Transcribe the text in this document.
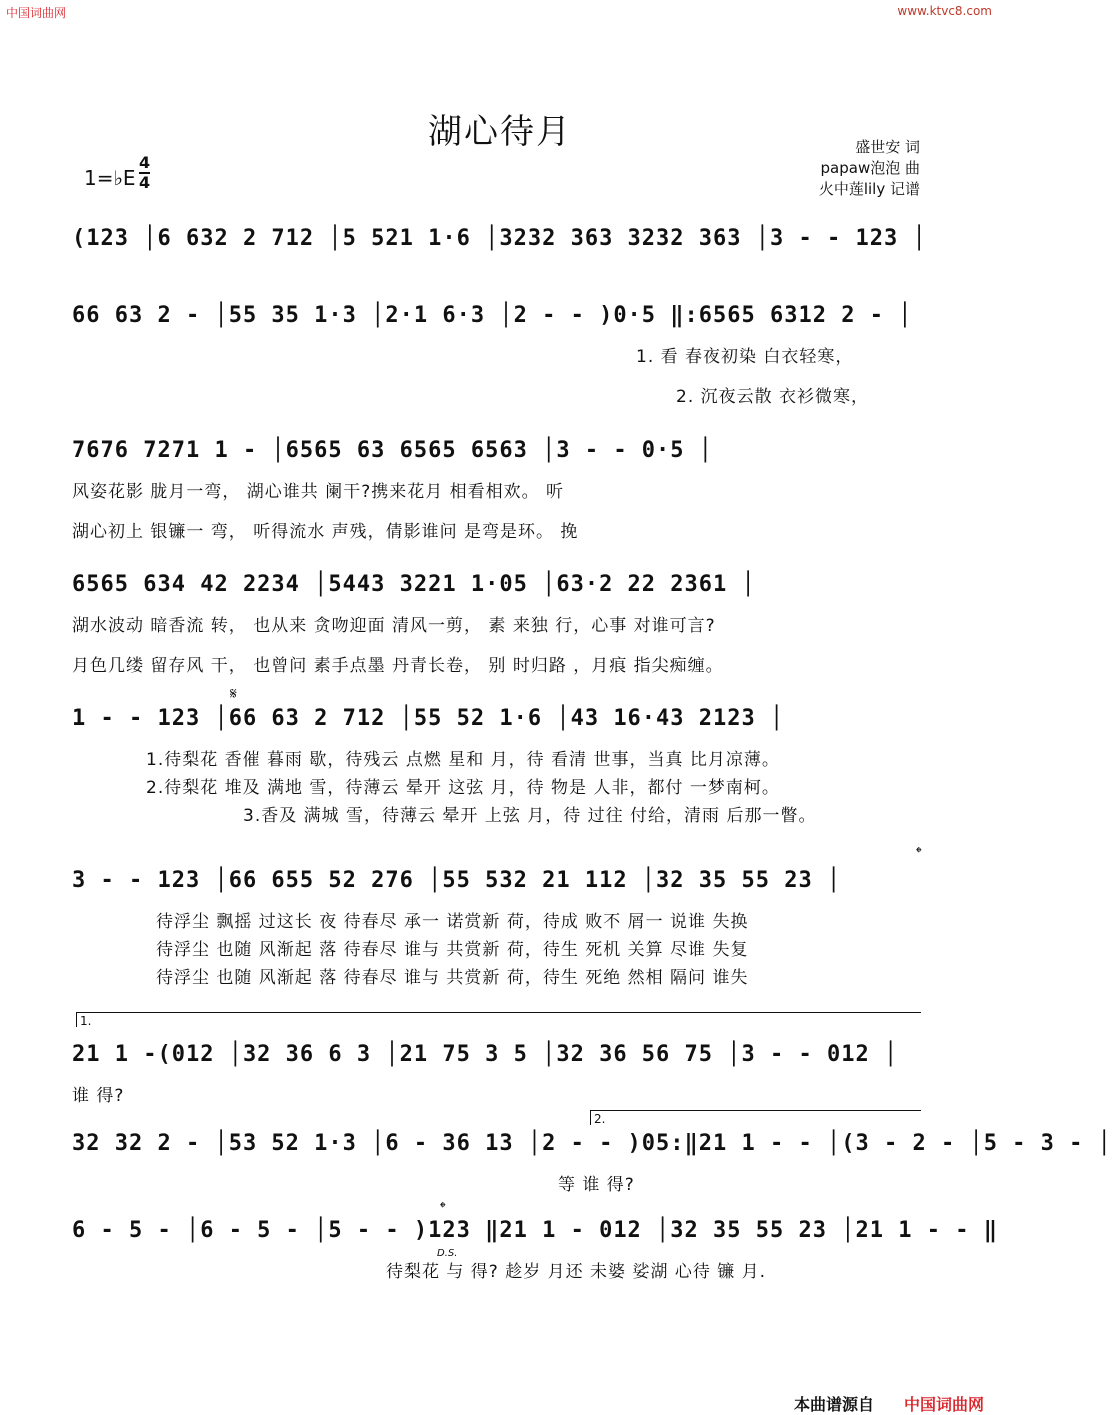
中国词曲网	www.ktvc8.com
湖心待月	盛世安 词
papaw泡泡 曲
火中莲lily 记谱
1=♭E $\frac{4}{4}$
(123 │6 632 2 712 │5 521 1·6 │3232 363 3232 363 │3 - - 123 │
66 63 2 - │55 35 1·3 │2·1 6·3 │2 - - )0·5 ‖:6565 6312 2 - │
1. 看 春夜初染 白衣轻寒，
2. 沉夜云散 衣衫微寒，
7676 7271 1 - │6565 63 6565 6563 │3 - - 0·5 │
风姿花影 胧月一弯， 湖心谁共 阑干?携来花月 相看相欢。 听
湖心初上 银镰一 弯， 听得流水 声残，倩影谁问 是弯是环。 挽
6565 634 42 2234 │5443 3221 1·05 │63·2 22 2361 │
湖水波动 暗香流 转， 也从来 贪吻迎面 清风一剪， 素 来独 行，心事 对谁可言?
月色几缕 留存风 干， 也曾问 素手点墨 丹青长卷， 别 时归路 ，月痕 指尖痴缠。
𝄋
1 - - 123 │66 63 2 712 │55 52 1·6 │43 16·43 2123 │
1.待梨花 香催 暮雨 歇，待残云 点燃 星和 月，待 看清 世事，当真 比月凉薄。
2.待梨花 堆及 满地 雪，待薄云 晕开 这弦 月，待 物是 人非，都付 一梦南柯。
3.香及 满城 雪，待薄云 晕开 上弦 月，待 过往 付给，清雨 后那一瞥。
𝄌
3 - - 123 │66 655 52 276 │55 532 21 112 │32 35 55 23 │
待浮尘 飘摇 过这长 夜 待春尽 承一 诺赏新 荷，待成 败不 屑一 说谁 失换
待浮尘 也随 风渐起 落 待春尽 谁与 共赏新 荷，待生 死机 关算 尽谁 失复
待浮尘 也随 风渐起 落 待春尽 谁与 共赏新 荷，待生 死绝 然相 隔问 谁失
1.
21 1 -(012 │32 36 6 3 │21 75 3 5 │32 36 56 75 │3 - - 012 │
谁 得?
2.
32 32 2 - │53 52 1·3 │6 - 36 13 │2 - - )05:‖21 1 - - │(3 - 2 - │5 - 3 - │
等 谁 得?
𝄌
6 - 5 - │6 - 5 - │5 - - )123 ‖21 1 - 012 │32 35 55 23 │21 1 - - ‖
D.S.
待梨花 与 得? 趁岁 月还 未婆 娑湖 心待 镰 月.
本曲谱源自 中国词曲网
